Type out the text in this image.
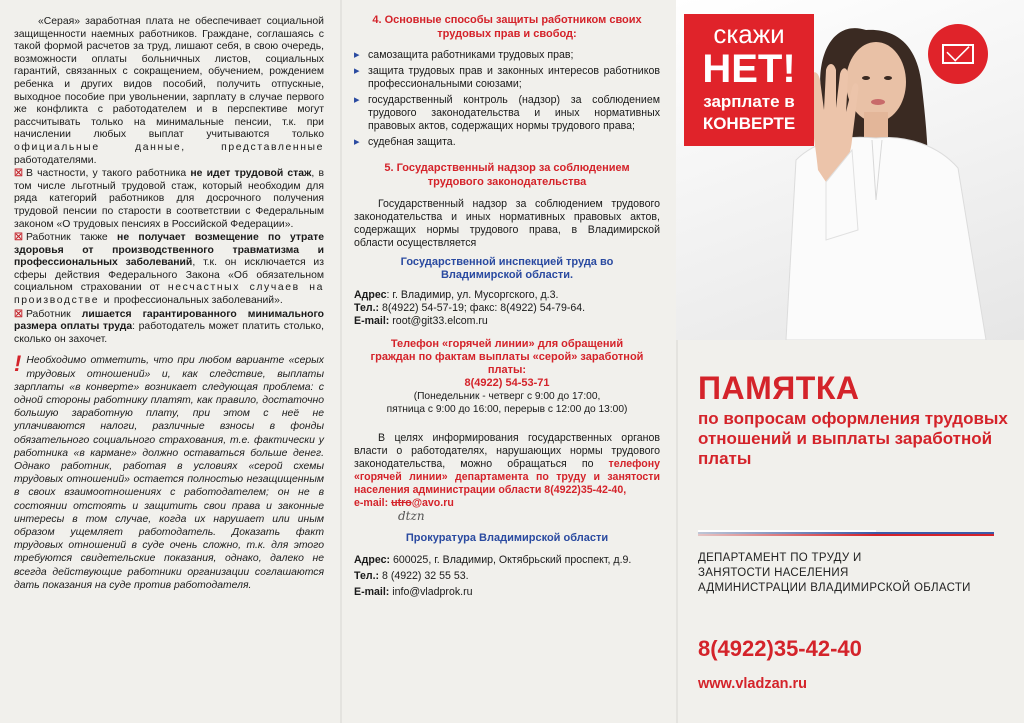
«Серая» заработная плата не обеспечивает социальной защищенности наемных работников. Граждане, соглашаясь с такой формой расчетов за труд, лишают себя, в свою очередь, возможности оплаты больничных листов, социальных гарантий, связанных с сокращением, обучением, рождением ребенка и других видов пособий, получить отпускные, выходное пособие при увольнении, зарплату в случае первого же конфликта с работодателем и в перспективе могут рассчитывать только на минимальные пенсии, т.к. при начислении любых выплат учитываются только официальные данные, представленные работодателями.

☒ В частности, у такого работника не идет трудовой стаж, в том числе льготный трудовой стаж, который необходим для ряда категорий работников для досрочного получения трудовой пенсии по старости в соответствии с Федеральным законом «О трудовых пенсиях в Российской Федерации».

☒ Работник также не получает возмещение по утрате здоровья от производственного травматизма и профессиональных заболеваний, т.к. он исключается из сферы действия Федерального Закона «Об обязательном социальном страховании от несчастных случаев на производстве и профессиональных заболеваний».

☒ Работник лишается гарантированного минимального размера оплаты труда: работодатель может платить столько, сколько он захочет.

! Необходимо отметить, что при любом варианте «серых трудовых отношений» и, как следствие, выплаты зарплаты «в конверте» возникает следующая проблема: с одной стороны работнику платят, как правило, достаточно большую заработную плату, при этом с неё не уплачиваются налоги, различные взносы в фонды обязательного социального страхования, т.е. фактически у работника «в кармане» должно оставаться больше денег. Однако работник, работая в условиях «серой схемы трудовых отношений» остается полностью незащищенным в своих взаимоотношениях с работодателем; он не в состоянии отстоять и защитить свои права и законные интересы в том случае, когда их нарушает или иным образом ущемляет работодатель. Доказать факт трудовых отношений в суде очень сложно, т.к. для этого требуются свидетельские показания, однако, далеко не всегда действующие работники организации соглашаются дать показания на суде против работодателя.

4. Основные способы защиты работником своих трудовых прав и свобод:

▸ самозащита работниками трудовых прав;

▸ защита трудовых прав и законных интересов работников профессиональными союзами;

▸ государственный контроль (надзор) за соблюдением трудового законодательства и иных нормативных правовых актов, содержащих нормы трудового права;

▸ судебная защита.

5. Государственный надзор за соблюдением трудового законодательства

Государственный надзор за соблюдением трудового законодательства и иных нормативных правовых актов, содержащих нормы трудового права, в Владимирской области осуществляется

Государственной инспекцией труда во Владимирской области.

Адрес: г. Владимир, ул. Мусоргского, д.3.

Тел.: 8(4922) 54-57-19; факс: 8(4922) 54-79-64.

E-mail: root@git33.elcom.ru

Телефон «горячей линии» для обращений граждан по фактам выплаты «серой» заработной платы:

8(4922) 54-53-71

(Понедельник - четверг с 9:00 до 17:00,

пятница с 9:00 до 16:00, перерыв с 12:00 до 13:00)

В целях информирования государственных органов власти о работодателях, нарушающих нормы трудового законодательства, можно обращаться по телефону «горячей линии» департамента по труду и занятости населения администрации области 8(4922)35-42-40,

e-mail: utro@avo.ru

dtzn

Прокуратура Владимирской области

Адрес: 600025, г. Владимир, Октябрьский проспект, д.9.

Тел.: 8 (4922) 32 55 53.

E-mail: info@vladprok.ru

скажи
НЕТ!
зарплате в
КОНВЕРТЕ
ПАМЯТКА
по вопросам оформления трудовых отношений и выплаты заработной платы
ДЕПАРТАМЕНТ ПО ТРУДУ И
ЗАНЯТОСТИ НАСЕЛЕНИЯ
АДМИНИСТРАЦИИ ВЛАДИМИРСКОЙ ОБЛАСТИ
8(4922)35-42-40
www.vladzan.ru
